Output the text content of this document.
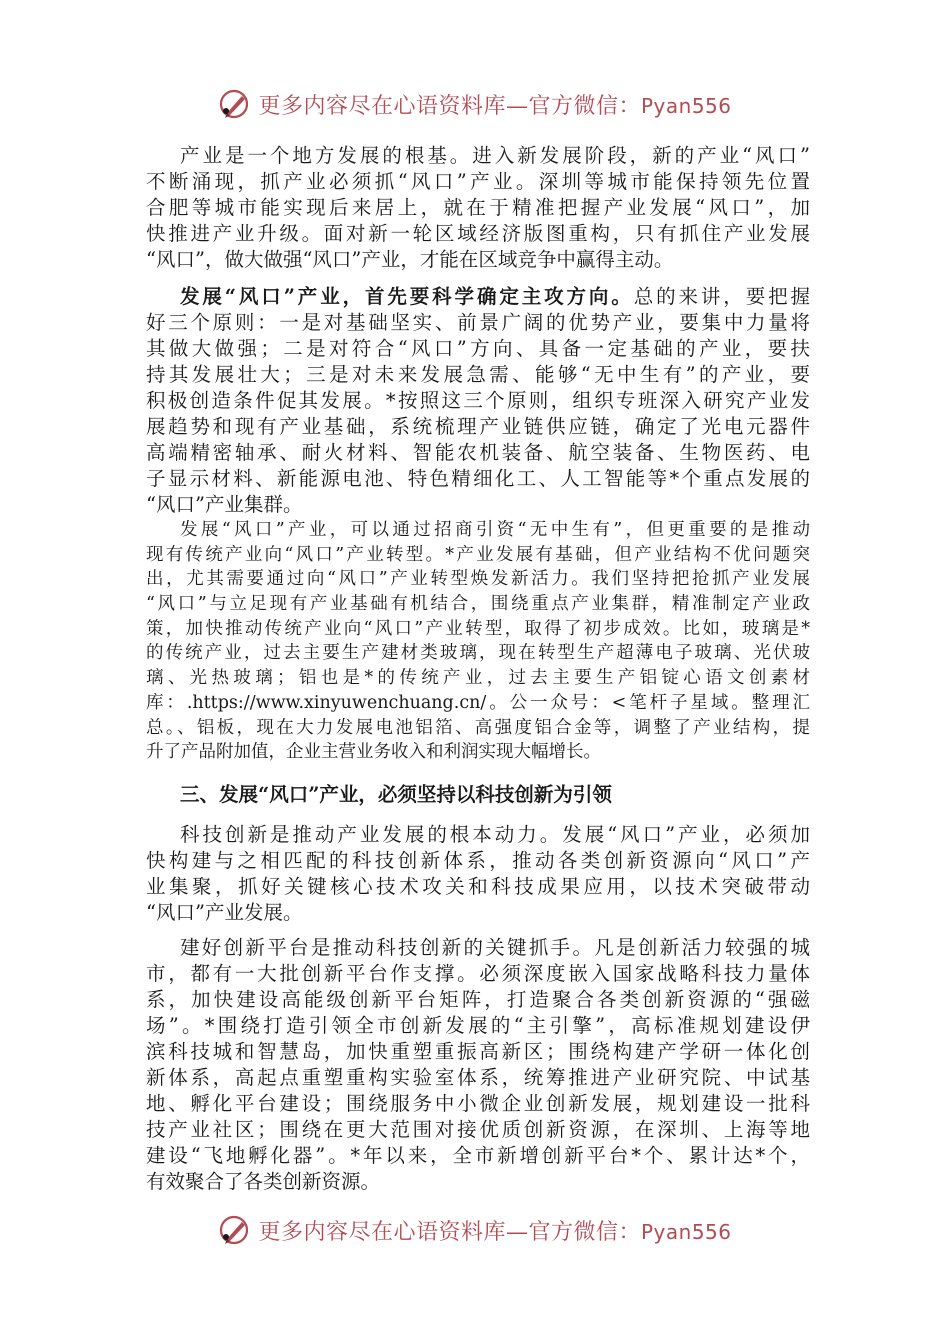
更多内容尽在心语资料库—官方微信：Pyan556
产业是一个地方发展的根基。进入新发展阶段，新的产业“风口”
不断涌现，抓产业必须抓“风口”产业。深圳等城市能保持领先位置
合肥等城市能实现后来居上，就在于精准把握产业发展“风口”，加
快推进产业升级。面对新一轮区域经济版图重构，只有抓住产业发展
“风口”，做大做强“风口”产业，才能在区域竞争中赢得主动。
发展“风口”产业，首先要科学确定主攻方向。总的来讲，要把握
好三个原则：一是对基础坚实、前景广阔的优势产业，要集中力量将
其做大做强；二是对符合“风口”方向、具备一定基础的产业，要扶
持其发展壮大；三是对未来发展急需、能够“无中生有”的产业，要
积极创造条件促其发展。*按照这三个原则，组织专班深入研究产业发
展趋势和现有产业基础，系统梳理产业链供应链，确定了光电元器件
高端精密轴承、耐火材料、智能农机装备、航空装备、生物医药、电
子显示材料、新能源电池、特色精细化工、人工智能等*个重点发展的
“风口”产业集群。
发展“风口”产业，可以通过招商引资“无中生有”，但更重要的是推动
现有传统产业向“风口”产业转型。*产业发展有基础，但产业结构不优问题突
出，尤其需要通过向“风口”产业转型焕发新活力。我们坚持把抢抓产业发展
“风口”与立足现有产业基础有机结合，围绕重点产业集群，精准制定产业政
策，加快推动传统产业向“风口”产业转型，取得了初步成效。比如，玻璃是*
的传统产业，过去主要生产建材类玻璃，现在转型生产超薄电子玻璃、光伏玻
璃、光热玻璃；铝也是*的传统产业，过去主要生产铝锭心语文创素材
库：.https://www.xinyuwenchuang.cn/。公一众号：<笔杆子星域。整理汇
总。、铝板，现在大力发展电池铝箔、高强度铝合金等，调整了产业结构，提
升了产品附加值，企业主营业务收入和利润实现大幅增长。
三、发展“风口”产业，必须坚持以科技创新为引领
科技创新是推动产业发展的根本动力。发展“风口”产业，必须加
快构建与之相匹配的科技创新体系，推动各类创新资源向“风口”产
业集聚，抓好关键核心技术攻关和科技成果应用，以技术突破带动
“风口”产业发展。
建好创新平台是推动科技创新的关键抓手。凡是创新活力较强的城
市，都有一大批创新平台作支撑。必须深度嵌入国家战略科技力量体
系，加快建设高能级创新平台矩阵，打造聚合各类创新资源的“强磁
场”。*围绕打造引领全市创新发展的“主引擎”，高标准规划建设伊
滨科技城和智慧岛，加快重塑重振高新区；围绕构建产学研一体化创
新体系，高起点重塑重构实验室体系，统筹推进产业研究院、中试基
地、孵化平台建设；围绕服务中小微企业创新发展，规划建设一批科
技产业社区；围绕在更大范围对接优质创新资源，在深圳、上海等地
建设“飞地孵化器”。*年以来，全市新增创新平台*个、累计达*个，
有效聚合了各类创新资源。
更多内容尽在心语资料库—官方微信：Pyan556
